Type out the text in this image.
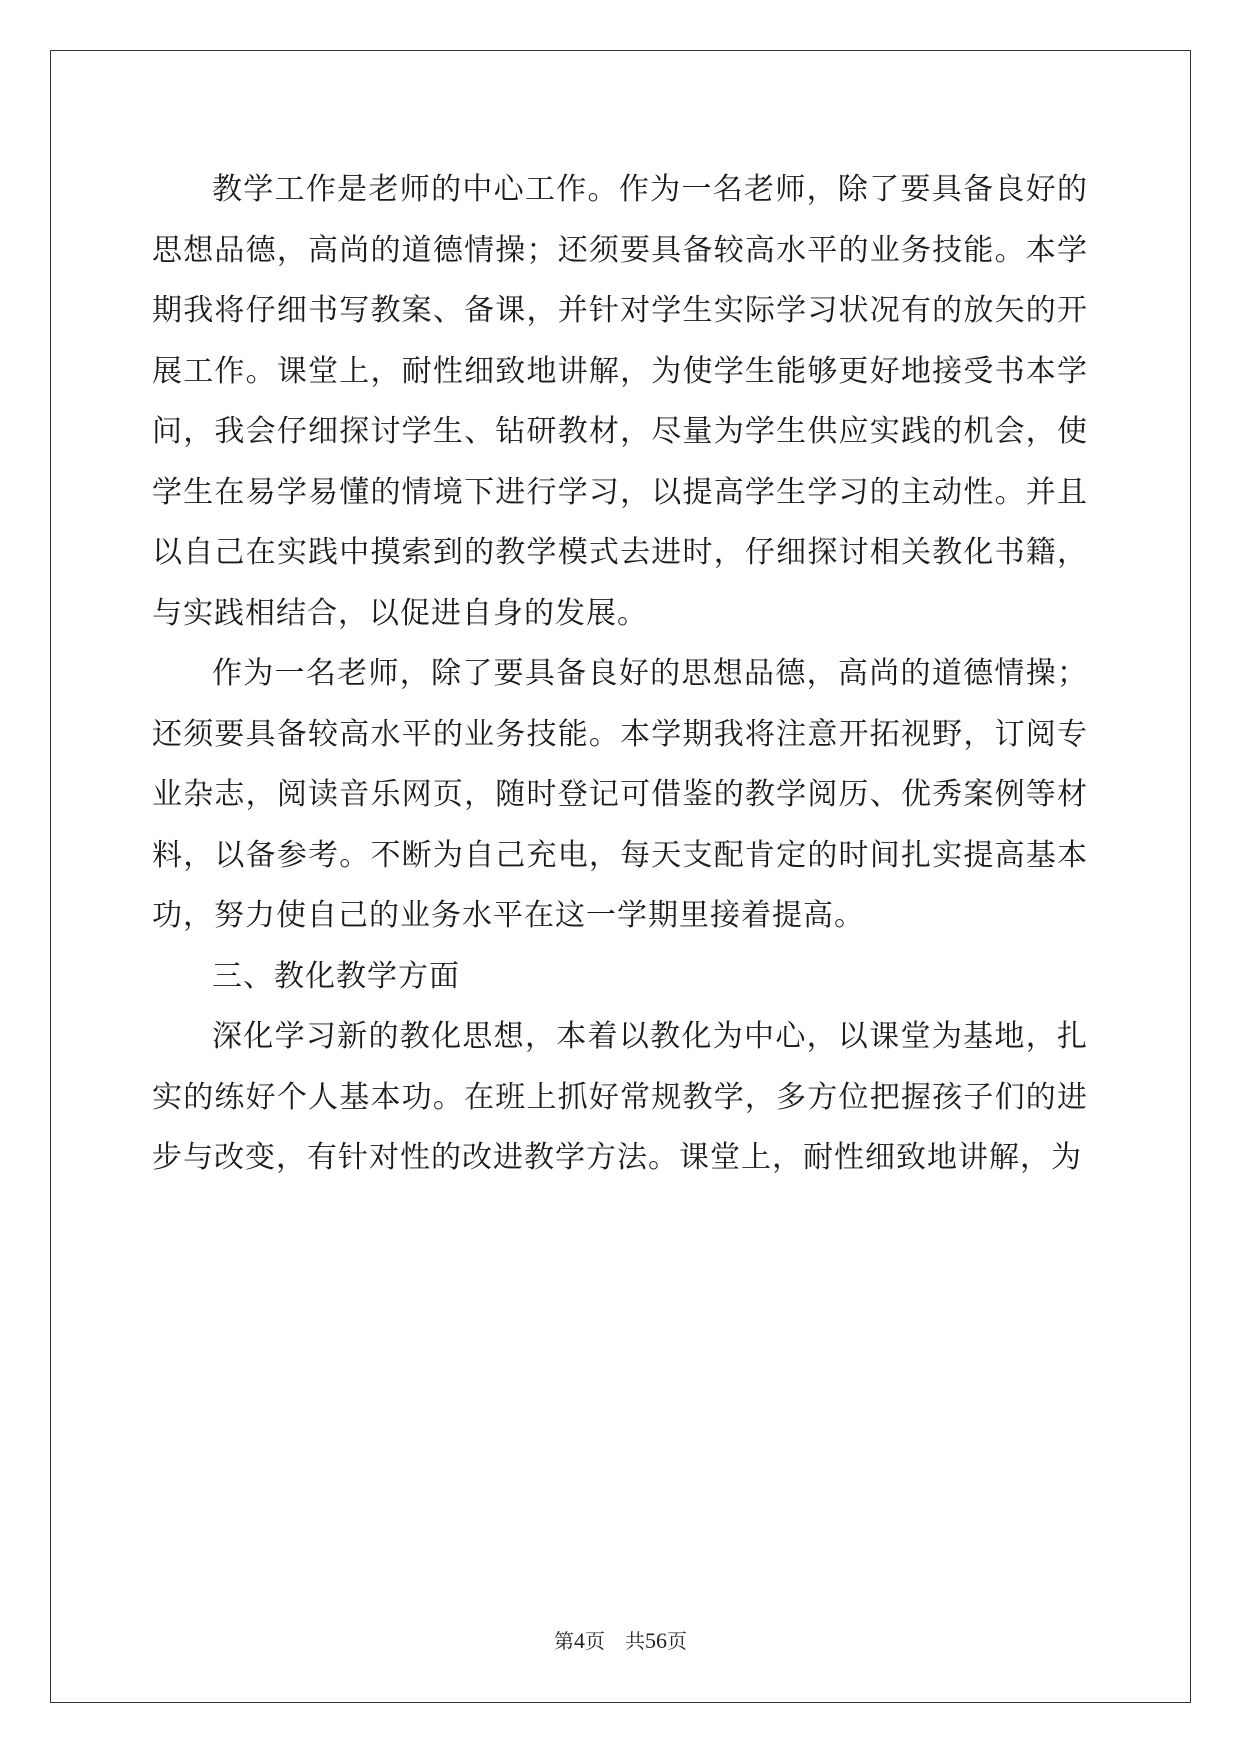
教学工作是老师的中心工作。作为一名老师，除了要具备良好的思想品德，高尚的道德情操；还须要具备较高水平的业务技能。本学期我将仔细书写教案、备课，并针对学生实际学习状况有的放矢的开展工作。课堂上，耐性细致地讲解，为使学生能够更好地接受书本学问，我会仔细探讨学生、钻研教材，尽量为学生供应实践的机会，使学生在易学易懂的情境下进行学习，以提高学生学习的主动性。并且以自己在实践中摸索到的教学模式去进时，仔细探讨相关教化书籍，与实践相结合，以促进自身的发展。

作为一名老师，除了要具备良好的思想品德，高尚的道德情操；还须要具备较高水平的业务技能。本学期我将注意开拓视野，订阅专业杂志，阅读音乐网页，随时登记可借鉴的教学阅历、优秀案例等材料，以备参考。不断为自己充电，每天支配肯定的时间扎实提高基本功，努力使自己的业务水平在这一学期里接着提高。

三、教化教学方面

深化学习新的教化思想，本着以教化为中心，以课堂为基地，扎实的练好个人基本功。在班上抓好常规教学，多方位把握孩子们的进步与改变，有针对性的改进教学方法。课堂上，耐性细致地讲解，为

第4页 共56页
